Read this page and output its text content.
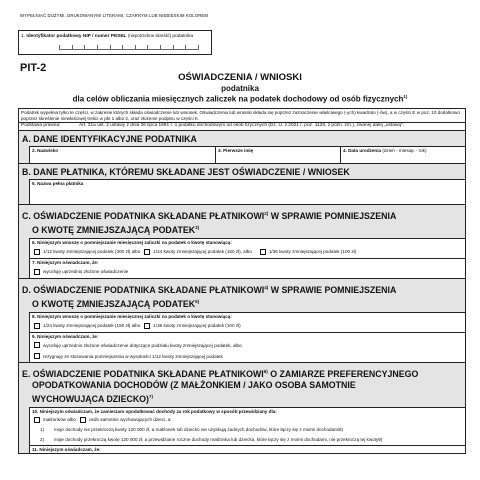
WYPEŁNIAĆ DUŻYMI, DRUKOWANYMI LITERAMI, CZARNYM LUB NIEBIESKIM KOLOREM
1. Identyfikator podatkowy NIP / numer PESEL (niepotrzebne skreślić) podatnika
PIT-2
OŚWIADCZENIA / WNIOSKI
podatnika
dla celów obliczania miesięcznych zaliczek na podatek dochodowy od osób fizycznych$^{1)}$
Podatnik wypełnia tylko te części, w zakresie których składa oświadczenie lub wniosek. Oświadczenia lub wnioski składa się poprzez zaznaczenie właściwego (-ych) kwadratu (-ów), a w części E w poz. 10 dodatkowo poprzez skreślenie niewłaściwej treści w pkt 1 albo 2, oraz złożenie podpisu w części K.
Podstawa prawna:	Art. 31a ust. 2 ustawy z dnia 26 lipca 1991 r. o podatku dochodowym od osób fizycznych (Dz. U. z 2021 r. poz. 1128, z późn. zm.), zwanej dalej „ustawą”.
A. DANE IDENTYFIKACYJNE PODATNIKA
2. Nazwisko	3. Pierwsze imię	4. Data urodzenia (dzień - miesiąc - rok)
B. DANE PŁATNIKA, KTÓREMU SKŁADANE JEST OŚWIADCZENIE / WNIOSEK
5. Nazwa pełna płatnika
C. OŚWIADCZENIE PODATNIKA SKŁADANE PŁATNIKOWI$^{2)}$ W SPRAWIE POMNIEJSZENIA
O KWOTĘ ZMNIEJSZAJĄCĄ PODATEK$^{3)}$
6. Niniejszym wnoszę o pomniejszanie miesięcznej zaliczki na podatek o kwotę stanowiącą:
1/12 kwoty zmniejszającej podatek (300 zł) albo	1/24 kwoty zmniejszającej podatek (150 zł), albo	1/36 kwoty zmniejszającej podatek (100 zł)
7. Niniejszym oświadczam, że:
wycofuję uprzednio złożone oświadczenie
D. OŚWIADCZENIE PODATNIKA SKŁADANE PŁATNIKOWI$^{4)}$ W SPRAWIE POMNIEJSZENIA
O KWOTĘ ZMNIEJSZAJĄCĄ PODATEK$^{5)}$
8. Niniejszym wnoszę o pomniejszanie miesięcznej zaliczki na podatek o kwotę stanowiącą:
1/24 kwoty zmniejszającej podatek (150 zł) albo	1/36 kwoty zmniejszającej podatek (100 zł)
9. Niniejszym oświadczam, że:
wycofuję uprzednio złożone oświadczenie dotyczące podziału kwoty zmniejszającej podatek, albo
rezygnuję ze stosowania pomniejszenia w wysokości 1/12 kwoty zmniejszającej podatek
E. OŚWIADCZENIE PODATNIKA SKŁADANE PŁATNIKOWI$^{6)}$ O ZAMIARZE PREFERENCYJNEGO
OPODATKOWANIA DOCHODÓW (Z MAŁŻONKIEM / JAKO OSOBA SAMOTNIE
WYCHOWUJĄCA DZIECKO)$^{7)}$
10. Niniejszym oświadczam, że zamierzam opodatkować dochody za rok podatkowy w sposób przewidziany dla:
małżonków albo	osób samotnie wychowujących dzieci, a:
1)	moje dochody nie przekroczą kwoty 120 000 zł, a małżonek lub dziecko nie uzyskują żadnych dochodów, które łączy się z moimi dochodami 8)
2)	moje dochody przekroczą kwotę 120 000 zł, a przewidziane roczne dochody małżonka lub dziecka, które łączy się z moimi dochodami, nie przekroczą tej kwoty 9)
11. Niniejszym oświadczam, że:
